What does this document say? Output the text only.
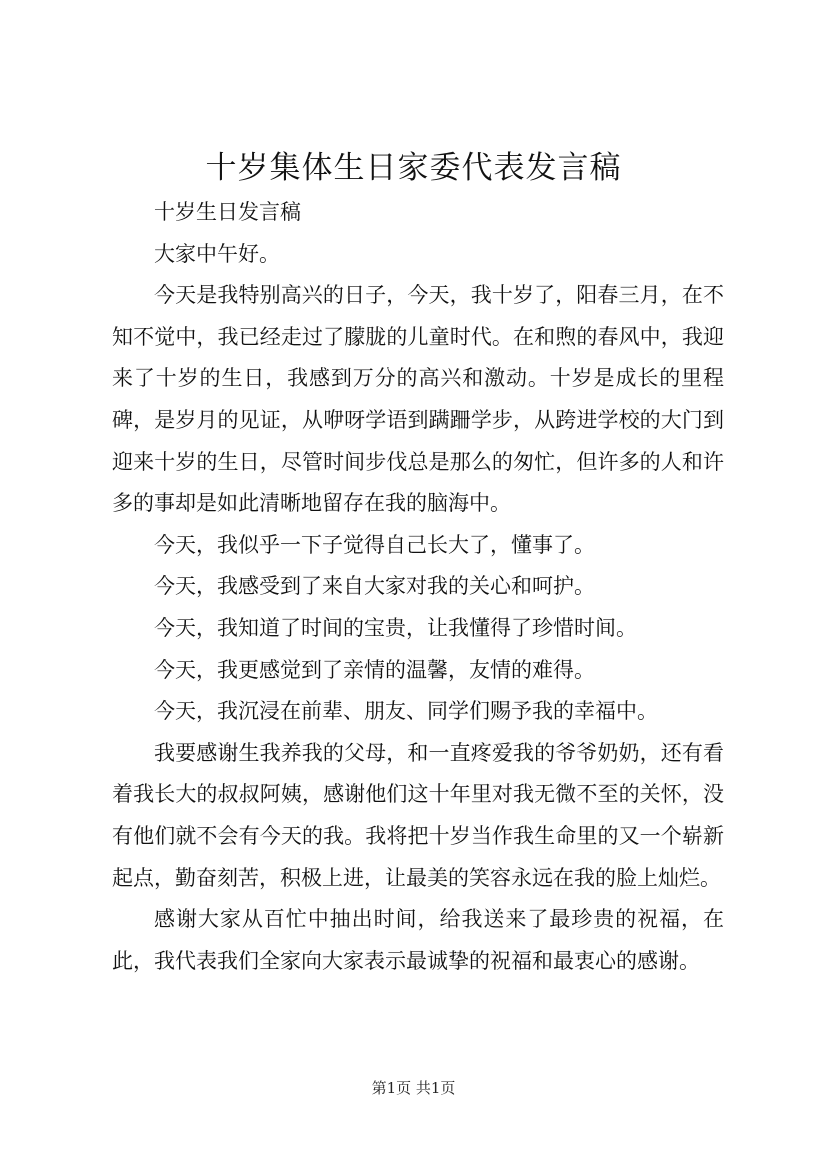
十岁集体生日家委代表发言稿

十岁生日发言稿

大家中午好。

今天是我特别高兴的日子，今天，我十岁了，阳春三月，在不知不觉中，我已经走过了朦胧的儿童时代。在和煦的春风中，我迎来了十岁的生日，我感到万分的高兴和激动。十岁是成长的里程碑，是岁月的见证，从咿呀学语到蹒跚学步，从跨进学校的大门到迎来十岁的生日，尽管时间步伐总是那么的匆忙，但许多的人和许多的事却是如此清晰地留存在我的脑海中。

今天，我似乎一下子觉得自己长大了，懂事了。

今天，我感受到了来自大家对我的关心和呵护。

今天，我知道了时间的宝贵，让我懂得了珍惜时间。

今天，我更感觉到了亲情的温馨，友情的难得。

今天，我沉浸在前辈、朋友、同学们赐予我的幸福中。

我要感谢生我养我的父母，和一直疼爱我的爷爷奶奶，还有看着我长大的叔叔阿姨，感谢他们这十年里对我无微不至的关怀，没有他们就不会有今天的我。我将把十岁当作我生命里的又一个崭新起点，勤奋刻苦，积极上进，让最美的笑容永远在我的脸上灿烂。

感谢大家从百忙中抽出时间，给我送来了最珍贵的祝福，在此，我代表我们全家向大家表示最诚挚的祝福和最衷心的感谢。

第1页 共1页
